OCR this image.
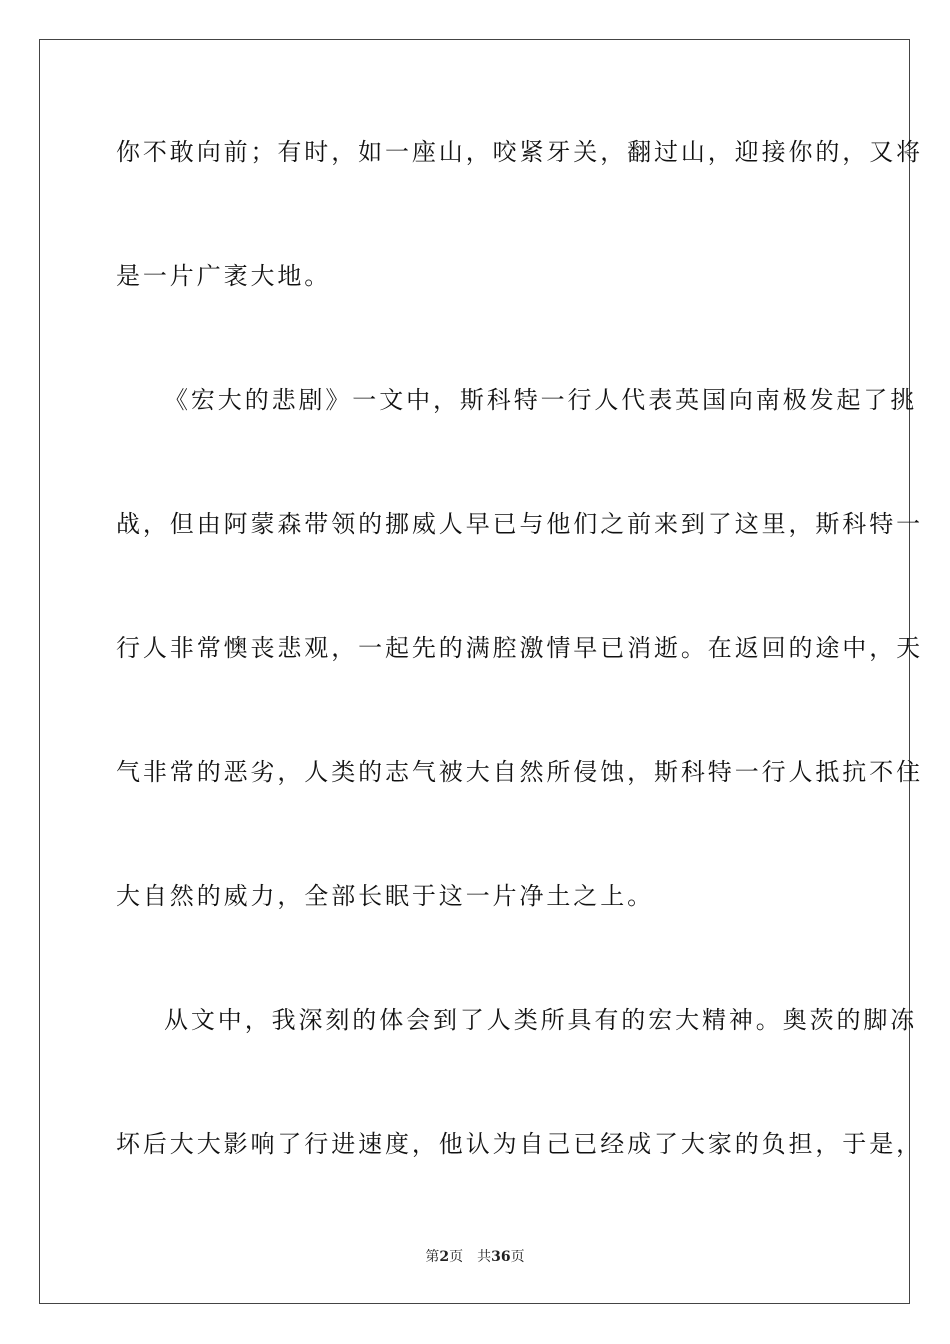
你不敢向前；有时，如一座山，咬紧牙关，翻过山，迎接你的，又将
是一片广袤大地。
《宏大的悲剧》一文中，斯科特一行人代表英国向南极发起了挑
战，但由阿蒙森带领的挪威人早已与他们之前来到了这里，斯科特一
行人非常懊丧悲观，一起先的满腔激情早已消逝。在返回的途中，天
气非常的恶劣，人类的志气被大自然所侵蚀，斯科特一行人抵抗不住
大自然的威力，全部长眠于这一片净土之上。
从文中，我深刻的体会到了人类所具有的宏大精神。奥茨的脚冻
坏后大大影响了行进速度，他认为自己已经成了大家的负担，于是，
第2页 共36页
